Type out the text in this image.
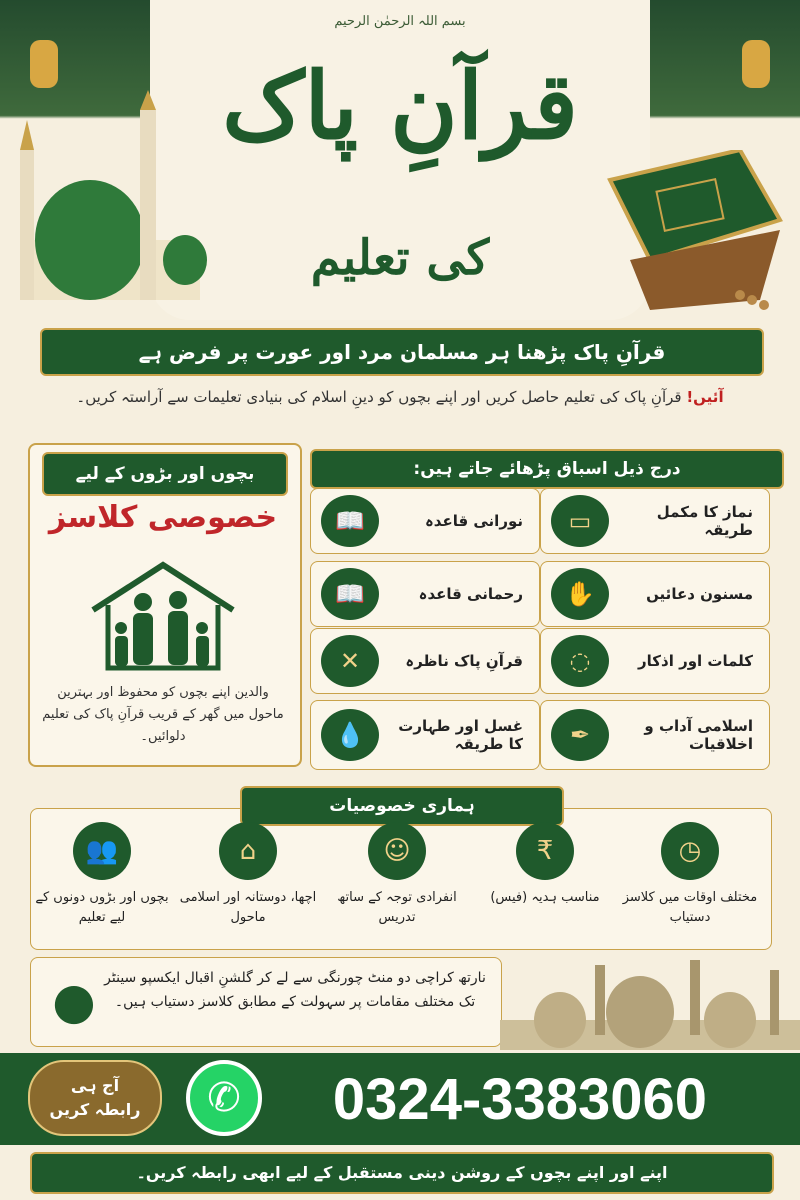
بسم اللہ الرحمٰن الرحیم
قرآنِ پاک
کی تعلیم
قرآنِ پاک پڑھنا ہر مسلمان مرد اور عورت پر فرض ہے
آئیں! قرآنِ پاک کی تعلیم حاصل کریں اور اپنے بچوں کو دینِ اسلام کی بنیادی تعلیمات سے آراستہ کریں۔
بچوں اور بڑوں کے لیے
خصوصی کلاسز
والدین اپنے بچوں کو محفوظ اور بہترین ماحول میں گھر کے قریب قرآنِ پاک کی تعلیم دلوائیں۔
درج ذیل اسباق پڑھائے جاتے ہیں:
▭	نماز کا مکمل طریقہ
📖	نورانی قاعدہ
✋	مسنون دعائیں
📖	رحمانی قاعدہ
◌	کلمات اور اذکار
✕	قرآنِ پاک ناظرہ
✒	اسلامی آداب و اخلاقیات
💧	غسل اور طہارت کا طریقہ
ہماری خصوصیات
◷
مختلف اوقات میں کلاسز دستیاب
₹
مناسب ہدیہ (فیس)
☺
انفرادی توجہ کے ساتھ تدریس
⌂
اچھا، دوستانہ اور اسلامی ماحول
👥
بچوں اور بڑوں دونوں کے لیے تعلیم
● نارتھ کراچی دو منٹ چورنگی سے لے کر گلشنِ اقبال ایکسپو سینٹر تک مختلف مقامات پر سہولت کے مطابق کلاسز دستیاب ہیں۔
آج ہی
رابطہ کریں	✆	0324-3383060
اپنے اور اپنے بچوں کے روشن دینی مستقبل کے لیے ابھی رابطہ کریں۔
